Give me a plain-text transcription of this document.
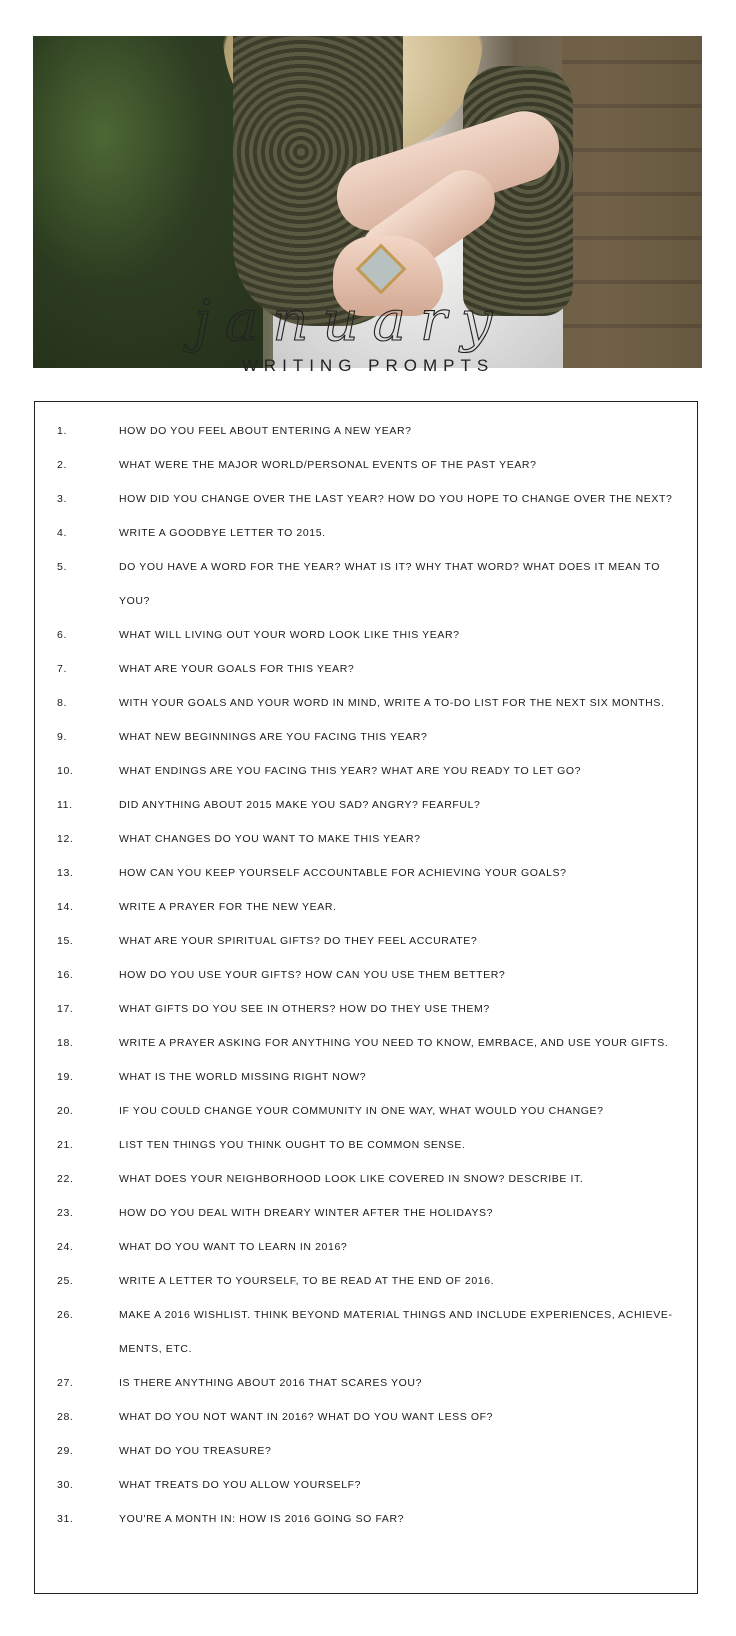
january
WRITING PROMPTS
1.	HOW DO YOU FEEL ABOUT ENTERING A NEW YEAR?
2.	WHAT WERE THE MAJOR WORLD/PERSONAL EVENTS OF THE PAST YEAR?
3.	HOW DID YOU CHANGE OVER THE LAST YEAR? HOW DO YOU HOPE TO CHANGE OVER THE NEXT?
4.	WRITE A GOODBYE LETTER TO 2015.
5.	DO YOU HAVE A WORD FOR THE YEAR? WHAT IS IT? WHY THAT WORD? WHAT DOES IT MEAN TO YOU?
6.	WHAT WILL LIVING OUT YOUR WORD LOOK LIKE THIS YEAR?
7.	WHAT ARE YOUR GOALS FOR THIS YEAR?
8.	WITH YOUR GOALS AND YOUR WORD IN MIND, WRITE A TO-DO LIST FOR THE NEXT SIX MONTHS.
9.	WHAT NEW BEGINNINGS ARE YOU FACING THIS YEAR?
10.	WHAT ENDINGS ARE YOU FACING THIS YEAR? WHAT ARE YOU READY TO LET GO?
11.	DID ANYTHING ABOUT 2015 MAKE YOU SAD? ANGRY? FEARFUL?
12.	WHAT CHANGES DO YOU WANT TO MAKE THIS YEAR?
13.	HOW CAN YOU KEEP YOURSELF ACCOUNTABLE FOR ACHIEVING YOUR GOALS?
14.	WRITE A PRAYER FOR THE NEW YEAR.
15.	WHAT ARE YOUR SPIRITUAL GIFTS? DO THEY FEEL ACCURATE?
16.	HOW DO YOU USE YOUR GIFTS? HOW CAN YOU USE THEM BETTER?
17.	WHAT GIFTS DO YOU SEE IN OTHERS? HOW DO THEY USE THEM?
18.	WRITE A PRAYER ASKING FOR ANYTHING YOU NEED TO KNOW, EMRBACE, AND USE YOUR GIFTS.
19.	WHAT IS THE WORLD MISSING RIGHT NOW?
20.	IF YOU COULD CHANGE YOUR COMMUNITY IN ONE WAY, WHAT WOULD YOU CHANGE?
21.	LIST TEN THINGS YOU THINK OUGHT TO BE COMMON SENSE.
22.	WHAT DOES YOUR NEIGHBORHOOD LOOK LIKE COVERED IN SNOW? DESCRIBE IT.
23.	HOW DO YOU DEAL WITH DREARY WINTER AFTER THE HOLIDAYS?
24.	WHAT DO YOU WANT TO LEARN IN 2016?
25.	WRITE A LETTER TO YOURSELF, TO BE READ AT THE END OF 2016.
26.	MAKE A 2016 WISHLIST. THINK BEYOND MATERIAL THINGS AND INCLUDE EXPERIENCES, ACHIEVE-MENTS, ETC.
27.	IS THERE ANYTHING ABOUT 2016 THAT SCARES YOU?
28.	WHAT DO YOU NOT WANT IN 2016? WHAT DO YOU WANT LESS OF?
29.	WHAT DO YOU TREASURE?
30.	WHAT TREATS DO YOU ALLOW YOURSELF?
31.	YOU'RE A MONTH IN: HOW IS 2016 GOING SO FAR?
